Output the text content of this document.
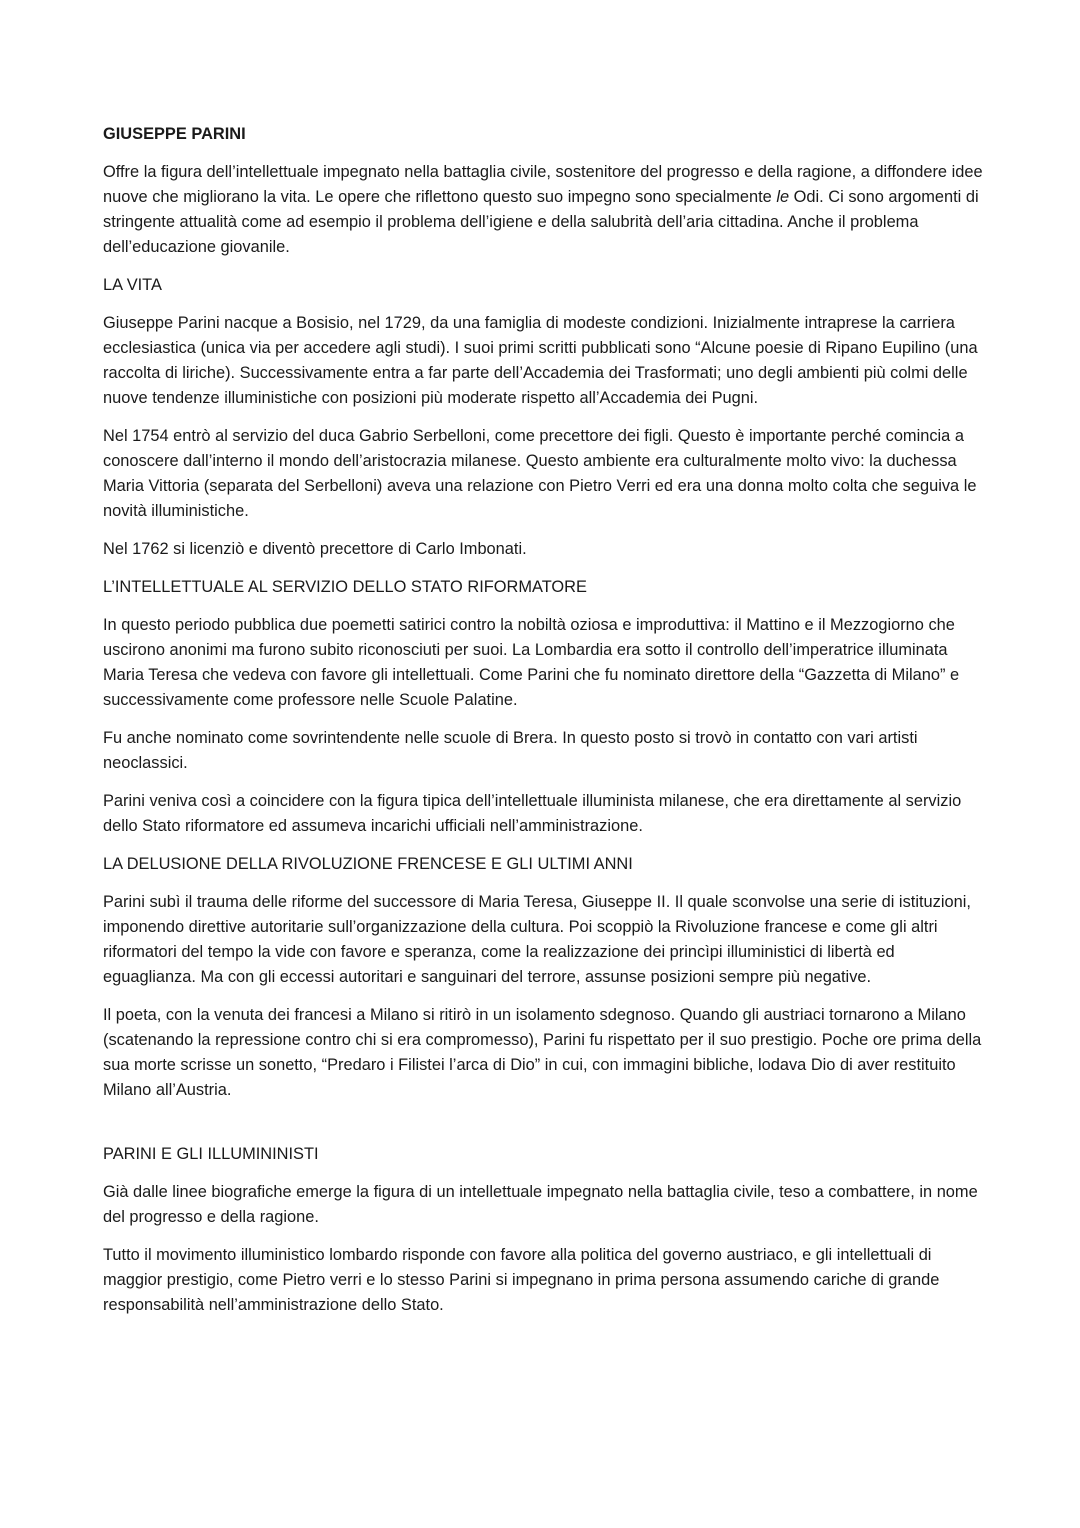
GIUSEPPE PARINI

Offre la figura dell’intellettuale impegnato nella battaglia civile, sostenitore del progresso e della ragione, a diffondere idee nuove che migliorano la vita. Le opere che riflettono questo suo impegno sono specialmente le Odi. Ci sono argomenti di stringente attualità come ad esempio il problema dell’igiene e della salubrità dell’aria cittadina. Anche il problema dell’educazione giovanile.

LA VITA

Giuseppe Parini nacque a Bosisio, nel 1729, da una famiglia di modeste condizioni. Inizialmente intraprese la carriera ecclesiastica (unica via per accedere agli studi). I suoi primi scritti pubblicati sono “Alcune poesie di Ripano Eupilino (una raccolta di liriche). Successivamente entra a far parte dell’Accademia dei Trasformati; uno degli ambienti più colmi delle nuove tendenze illuministiche con posizioni più moderate rispetto all’Accademia dei Pugni.

Nel 1754 entrò al servizio del duca Gabrio Serbelloni, come precettore dei figli. Questo è importante perché comincia a conoscere dall’interno il mondo dell’aristocrazia milanese. Questo ambiente era culturalmente molto vivo: la duchessa Maria Vittoria (separata del Serbelloni) aveva una relazione con Pietro Verri ed era una donna molto colta che seguiva le novità illuministiche.

Nel 1762 si licenziò e diventò precettore di Carlo Imbonati.

L’INTELLETTUALE AL SERVIZIO DELLO STATO RIFORMATORE

In questo periodo pubblica due poemetti satirici contro la nobiltà oziosa e improduttiva: il Mattino e il Mezzogiorno che uscirono anonimi ma furono subito riconosciuti per suoi. La Lombardia era sotto il controllo dell’imperatrice illuminata Maria Teresa che vedeva con favore gli intellettuali. Come Parini che fu nominato direttore della “Gazzetta di Milano” e successivamente come professore nelle Scuole Palatine.

Fu anche nominato come sovrintendente nelle scuole di Brera. In questo posto si trovò in contatto con vari artisti neoclassici.

Parini veniva così a coincidere con la figura tipica dell’intellettuale illuminista milanese, che era direttamente al servizio dello Stato riformatore ed assumeva incarichi ufficiali nell’amministrazione.

LA DELUSIONE DELLA RIVOLUZIONE FRENCESE E GLI ULTIMI ANNI

Parini subì il trauma delle riforme del successore di Maria Teresa, Giuseppe II. Il quale sconvolse una serie di istituzioni, imponendo direttive autoritarie sull’organizzazione della cultura. Poi scoppiò la Rivoluzione francese e come gli altri riformatori del tempo la vide con favore e speranza, come la realizzazione dei princìpi illuministici di libertà ed eguaglianza. Ma con gli eccessi autoritari e sanguinari del terrore, assunse posizioni sempre più negative.

Il poeta, con la venuta dei francesi a Milano si ritirò in un isolamento sdegnoso. Quando gli austriaci tornarono a Milano (scatenando la repressione contro chi si era compromesso), Parini fu rispettato per il suo prestigio. Poche ore prima della sua morte scrisse un sonetto, “Predaro i Filistei l’arca di Dio” in cui, con immagini bibliche, lodava Dio di aver restituito Milano all’Austria.

PARINI E GLI ILLUMININISTI

Già dalle linee biografiche emerge la figura di un intellettuale impegnato nella battaglia civile, teso a combattere, in nome del progresso e della ragione.

Tutto il movimento illuministico lombardo risponde con favore alla politica del governo austriaco, e gli intellettuali di maggior prestigio, come Pietro verri e lo stesso Parini si impegnano in prima persona assumendo cariche di grande responsabilità nell’amministrazione dello Stato.
